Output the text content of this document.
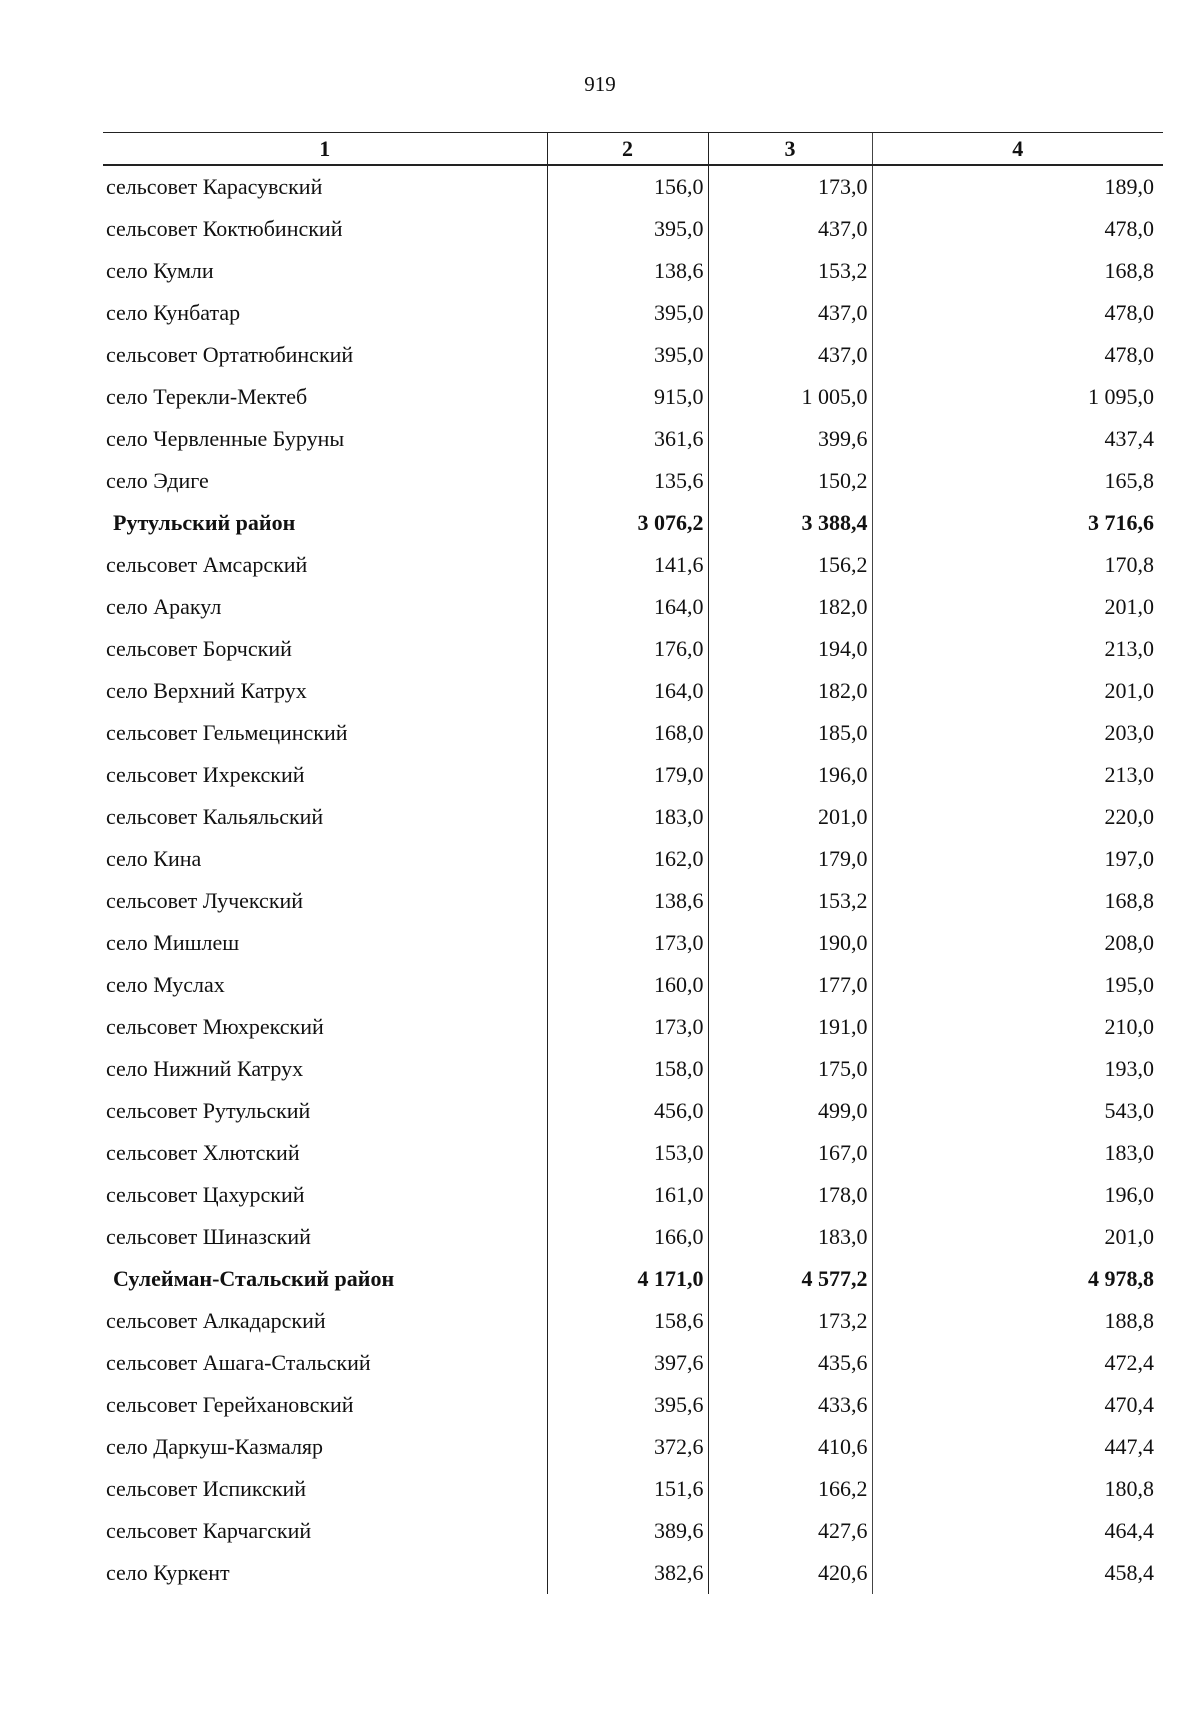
919
1	2	3	4
сельсовет Карасувский	156,0	173,0	189,0
сельсовет Коктюбинский	395,0	437,0	478,0
село Кумли	138,6	153,2	168,8
село Кунбатар	395,0	437,0	478,0
сельсовет Ортатюбинский	395,0	437,0	478,0
село Терекли-Мектеб	915,0	1 005,0	1 095,0
село Червленные Буруны	361,6	399,6	437,4
село Эдиге	135,6	150,2	165,8
Рутульский район	3 076,2	3 388,4	3 716,6
сельсовет Амсарский	141,6	156,2	170,8
село Аракул	164,0	182,0	201,0
сельсовет Борчский	176,0	194,0	213,0
село Верхний Катрух	164,0	182,0	201,0
сельсовет Гельмецинский	168,0	185,0	203,0
сельсовет Ихрекский	179,0	196,0	213,0
сельсовет Кальяльский	183,0	201,0	220,0
село Кина	162,0	179,0	197,0
сельсовет Лучекский	138,6	153,2	168,8
село Мишлеш	173,0	190,0	208,0
село Муслах	160,0	177,0	195,0
сельсовет Мюхрекский	173,0	191,0	210,0
село Нижний Катрух	158,0	175,0	193,0
сельсовет Рутульский	456,0	499,0	543,0
сельсовет Хлютский	153,0	167,0	183,0
сельсовет Цахурский	161,0	178,0	196,0
сельсовет Шиназский	166,0	183,0	201,0
Сулейман-Стальский район	4 171,0	4 577,2	4 978,8
сельсовет Алкадарский	158,6	173,2	188,8
сельсовет Ашага-Стальский	397,6	435,6	472,4
сельсовет Герейхановский	395,6	433,6	470,4
село Даркуш-Казмаляр	372,6	410,6	447,4
сельсовет Испикский	151,6	166,2	180,8
сельсовет Карчагский	389,6	427,6	464,4
село Куркент	382,6	420,6	458,4
